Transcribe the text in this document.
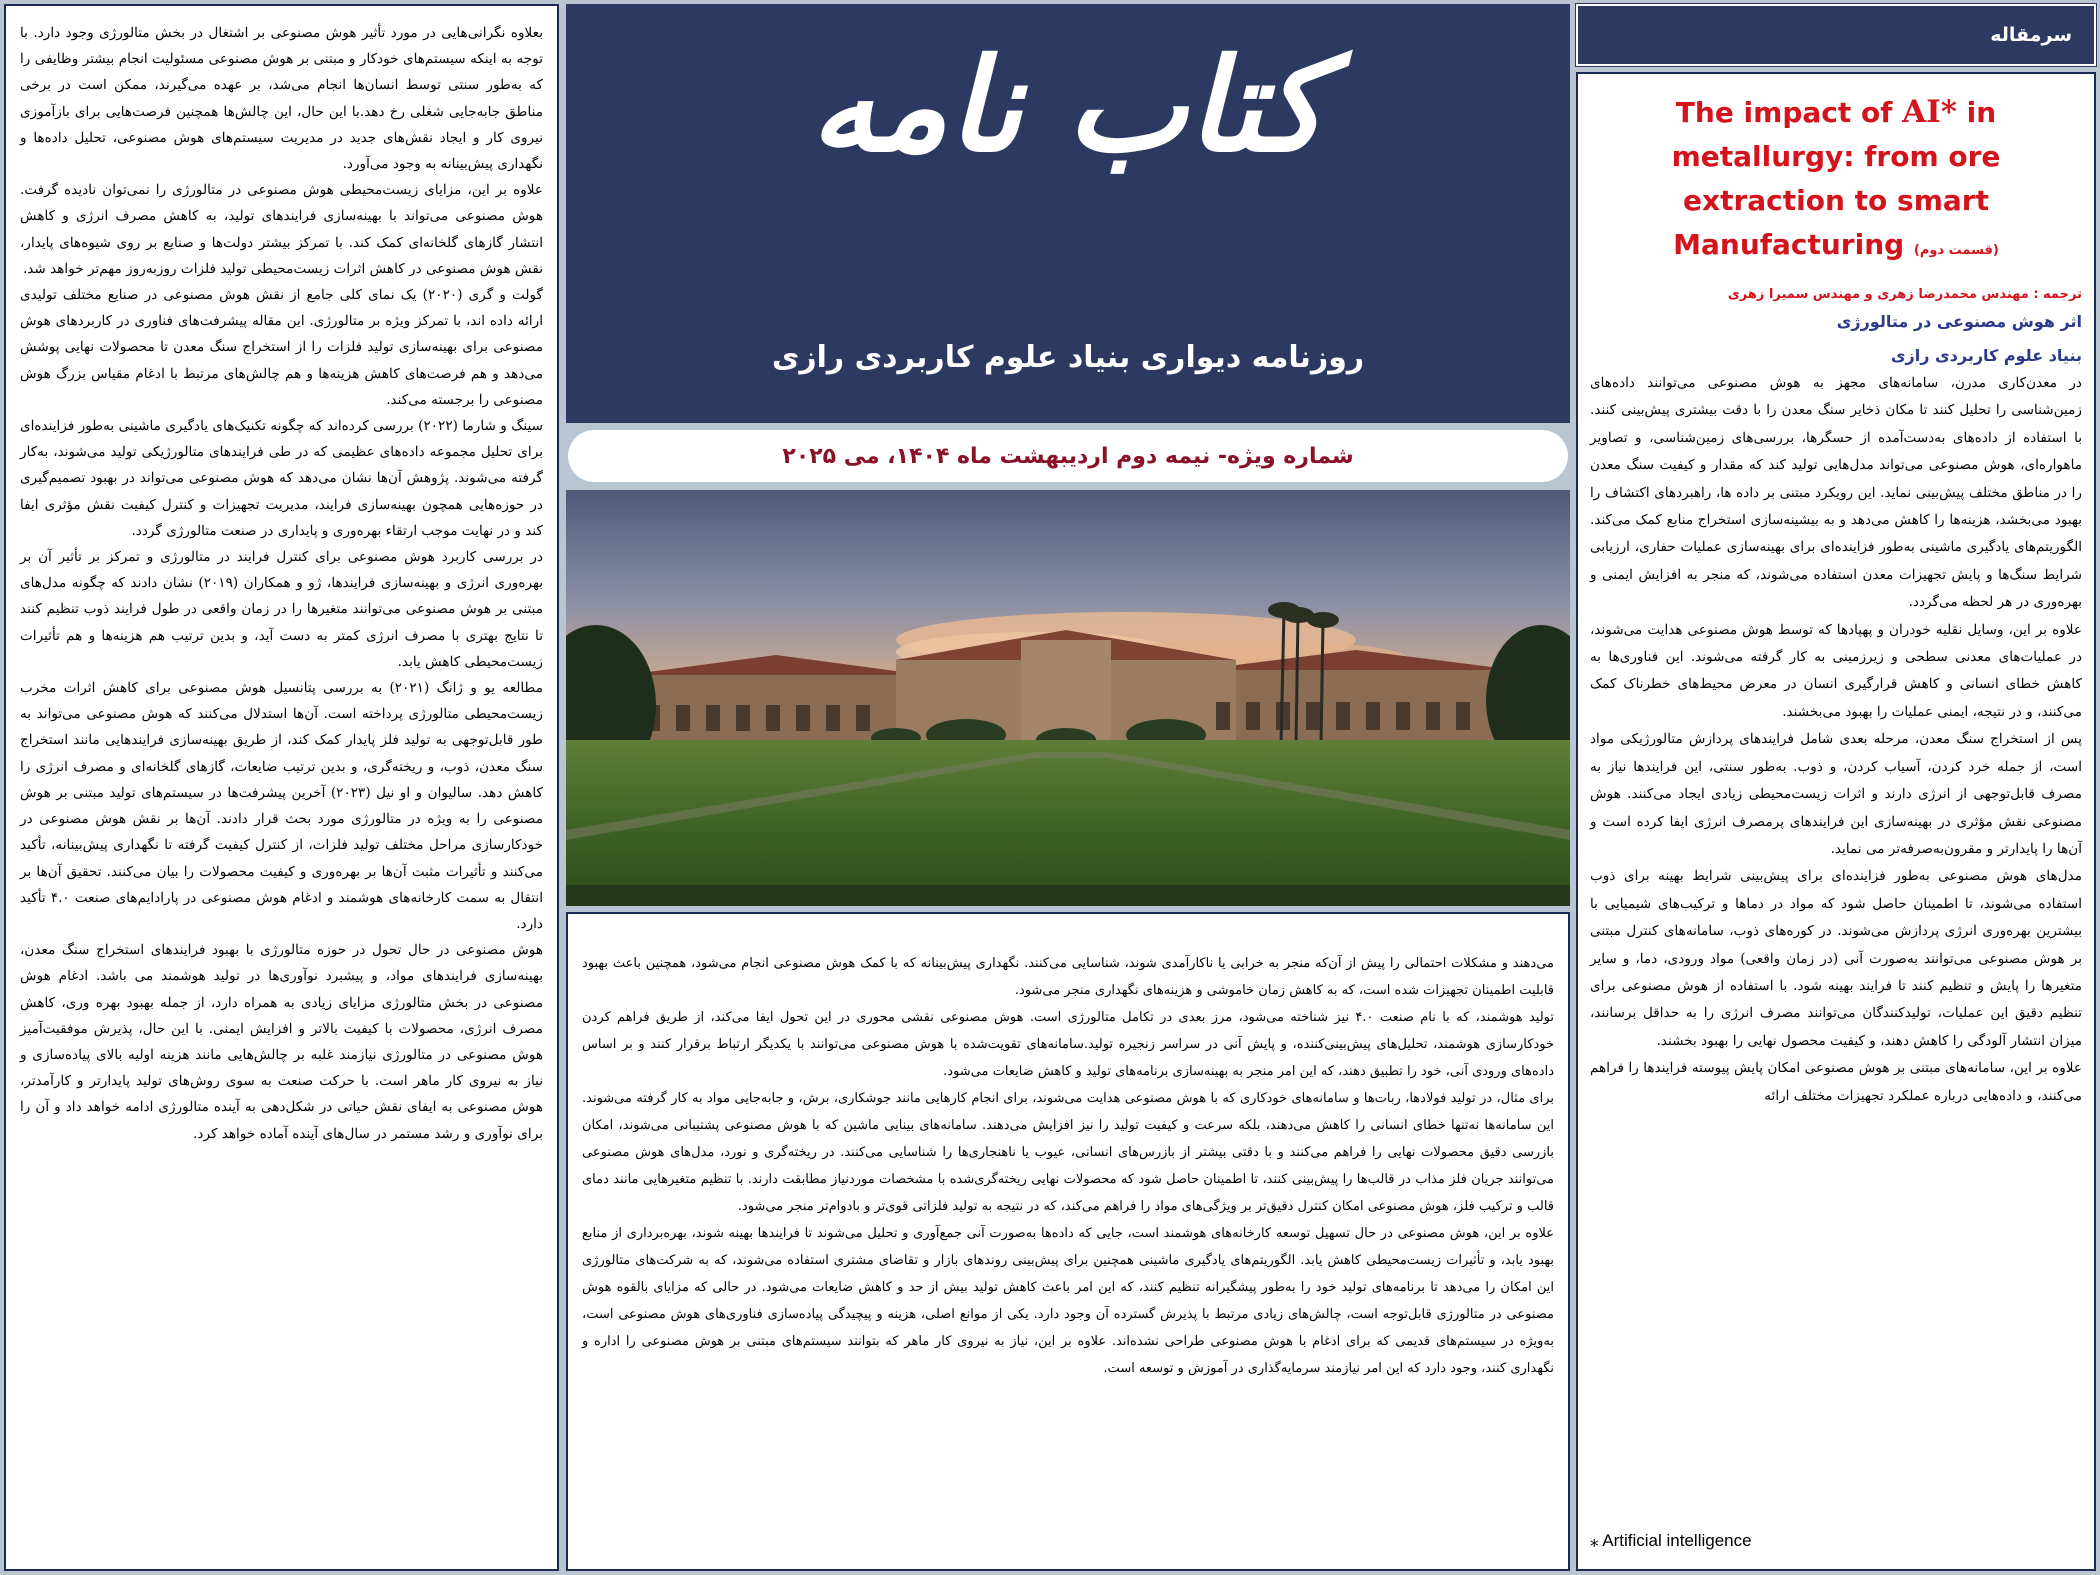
بعلاوه نگرانی‌هایی در مورد تأثیر هوش مصنوعی بر اشتغال در بخش متالورژی وجود دارد. با توجه به اینکه سیستم‌های خودکار و مبتنی بر هوش مصنوعی مسئولیت انجام بیشتر وظایفی را که به‌طور سنتی توسط انسان‌ها انجام می‌شد، بر عهده می‌گیرند، ممکن است در برخی مناطق جابه‌جایی شغلی رخ دهد.با این حال، این چالش‌ها همچنین فرصت‌هایی برای بازآموزی نیروی کار و ایجاد نقش‌های جدید در مدیریت سیستم‌های هوش مصنوعی، تحلیل داده‌ها و نگهداری پیش‌بینانه به وجود می‌آورد.

علاوه بر این، مزایای زیست‌محیطی هوش مصنوعی در متالورژی را نمی‌توان نادیده گرفت. هوش مصنوعی می‌تواند با بهینه‌سازی فرایندهای تولید، به کاهش مصرف انرژی و کاهش انتشار گازهای گلخانه‌ای کمک کند. با تمرکز بیشتر دولت‌ها و صنایع بر روی شیوه‌های پایدار، نقش هوش مصنوعی در کاهش اثرات زیست‌محیطی تولید فلزات روزبه‌روز مهم‌تر خواهد شد.

گولت و گری (۲۰۲۰) یک نمای کلی جامع از نقش هوش مصنوعی در صنایع مختلف تولیدی ارائه داده اند، با تمرکز ویژه بر متالورژی. این مقاله پیشرفت‌های فناوری در کاربردهای هوش مصنوعی برای بهینه‌سازی تولید فلزات را از استخراج سنگ معدن تا محصولات نهایی پوشش می‌دهد و هم فرصت‌های کاهش هزینه‌ها و هم چالش‌های مرتبط با ادغام مقیاس بزرگ هوش مصنوعی را برجسته می‌کند.

سینگ و شارما (۲۰۲۲) بررسی کرده‌اند که چگونه تکنیک‌های یادگیری ماشینی به‌طور فزاینده‌ای برای تحلیل مجموعه داده‌های عظیمی که در طی فرایندهای متالورژیکی تولید می‌شوند، به‌کار گرفته می‌شوند. پژوهش آن‌ها نشان می‌دهد که هوش مصنوعی می‌تواند در بهبود تصمیم‌گیری در حوزه‌هایی همچون بهینه‌سازی فرایند، مدیریت تجهیزات و کنترل کیفیت نقش مؤثری ایفا کند و در نهایت موجب ارتقاء بهره‌وری و پایداری در صنعت متالورژی گردد.

در بررسی کاربرد هوش مصنوعی برای کنترل فرایند در متالورژی و تمرکز بر تأثیر آن بر بهره‌وری انرژی و بهینه‌سازی فرایندها، ژو و همکاران (۲۰۱۹) نشان دادند که چگونه مدل‌های مبتنی بر هوش مصنوعی می‌توانند متغیرها را در زمان واقعی در طول فرایند ذوب تنظیم کنند تا نتایج بهتری با مصرف انرژی کمتر به دست آید، و بدین ترتیب هم هزینه‌ها و هم تأثیرات زیست‌محیطی کاهش یابد.

مطالعه یو و ژانگ (۲۰۲۱) به بررسی پتانسیل هوش مصنوعی برای کاهش اثرات مخرب زیست‌محیطی متالورژی پرداخته است. آن‌ها استدلال می‌کنند که هوش مصنوعی می‌تواند به طور قابل‌توجهی به تولید فلز پایدار کمک کند، از طریق بهینه‌سازی فرایندهایی مانند استخراج سنگ معدن، ذوب، و ریخته‌گری، و بدین ترتیب ضایعات، گازهای گلخانه‌ای و مصرف انرژی را کاهش دهد. سالیوان و او نیل (۲۰۲۳) آخرین پیشرفت‌ها در سیستم‌های تولید مبتنی بر هوش مصنوعی را به ویژه در متالورژی مورد بحث قرار دادند. آن‌ها بر نقش هوش مصنوعی در خودکارسازی مراحل مختلف تولید فلزات، از کنترل کیفیت گرفته تا نگهداری پیش‌بینانه، تأکید می‌کنند و تأثیرات مثبت آن‌ها بر بهره‌وری و کیفیت محصولات را بیان می‌کنند. تحقیق آن‌ها بر انتقال به سمت کارخانه‌های هوشمند و ادغام هوش مصنوعی در پارادایم‌های صنعت ۴.۰ تأکید دارد.

هوش مصنوعی در حال تحول در حوزه متالورژی با بهبود فرایندهای استخراج سنگ معدن، بهینه‌سازی فرایندهای مواد، و پیشبرد نوآوری‌ها در تولید هوشمند می باشد. ادغام هوش مصنوعی در بخش متالورژی مزایای زیادی به همراه دارد، از جمله بهبود بهره وری، کاهش مصرف انرژی، محصولات با کیفیت بالاتر و افزایش ایمنی. با این حال، پذیرش موفقیت‌آمیز هوش مصنوعی در متالورژی نیازمند غلبه بر چالش‌هایی مانند هزینه اولیه بالای پیاده‌سازی و نیاز به نیروی کار ماهر است. با حرکت صنعت به سوی روش‌های تولید پایدارتر و کارآمدتر، هوش مصنوعی به ایفای نقش حیاتی در شکل‌دهی به آینده متالورژی ادامه خواهد داد و آن را برای نوآوری و رشد مستمر در سال‌های آینده آماده خواهد کرد.

کتاب نامه
روزنامه دیواری بنیاد علوم کاربردی رازی
شماره ویژه- نیمه دوم اردیبهشت ماه ۱۴۰۴، می ۲۰۲۵

می‌دهند و مشکلات احتمالی را پیش از آن‌که منجر به خرابی یا ناکارآمدی شوند، شناسایی می‌کنند. نگهداری پیش‌بینانه که با کمک هوش مصنوعی انجام می‌شود، همچنین باعث بهبود قابلیت اطمینان تجهیزات شده است، که به کاهش زمان خاموشی و هزینه‌های نگهداری منجر می‌شود.

تولید هوشمند، که با نام صنعت ۴.۰ نیز شناخته می‌شود، مرز بعدی در تکامل متالورژی است. هوش مصنوعی نقشی محوری در این تحول ایفا می‌کند، از طریق فراهم کردن خودکارسازی هوشمند، تحلیل‌های پیش‌بینی‌کننده، و پایش آنی در سراسر زنجیره تولید.سامانه‌های تقویت‌شده با هوش مصنوعی می‌توانند با یکدیگر ارتباط برقرار کنند و بر اساس داده‌های ورودی آنی، خود را تطبیق دهند، که این امر منجر به بهینه‌سازی برنامه‌های تولید و کاهش ضایعات می‌شود.

برای مثال، در تولید فولادها، ربات‌ها و سامانه‌های خودکاری که با هوش مصنوعی هدایت می‌شوند، برای انجام کارهایی مانند جوشکاری، برش، و جابه‌جایی مواد به کار گرفته می‌شوند. این سامانه‌ها نه‌تنها خطای انسانی را کاهش می‌دهند، بلکه سرعت و کیفیت تولید را نیز افزایش می‌دهند. سامانه‌های بینایی ماشین که با هوش مصنوعی پشتیبانی می‌شوند، امکان بازرسی دقیق محصولات نهایی را فراهم می‌کنند و با دقتی بیشتر از بازرس‌های انسانی، عیوب یا ناهنجاری‌ها را شناسایی می‌کنند. در ریخته‌گری و نورد، مدل‌های هوش مصنوعی می‌توانند جریان فلز مذاب در قالب‌ها را پیش‌بینی کنند، تا اطمینان حاصل شود که محصولات نهایی ریخته‌گری‌شده با مشخصات موردنیاز مطابقت دارند. با تنظیم متغیرهایی مانند دمای قالب و ترکیب فلز، هوش مصنوعی امکان کنترل دقیق‌تر بر ویژگی‌های مواد را فراهم می‌کند، که در نتیجه به تولید فلزاتی قوی‌تر و بادوام‌تر منجر می‌شود.

علاوه بر این، هوش مصنوعی در حال تسهیل توسعه کارخانه‌های هوشمند است، جایی که داده‌ها به‌صورت آنی جمع‌آوری و تحلیل می‌شوند تا فرایندها بهینه شوند، بهره‌برداری از منابع بهبود یابد، و تأثیرات زیست‌محیطی کاهش یابد. الگوریتم‌های یادگیری ماشینی همچنین برای پیش‌بینی روندهای بازار و تقاضای مشتری استفاده می‌شوند، که به شرکت‌های متالورژی این امکان را می‌دهد تا برنامه‌های تولید خود را به‌طور پیشگیرانه تنظیم کنند، که این امر باعث کاهش تولید بیش از حد و کاهش ضایعات می‌شود. در حالی که مزایای بالقوه هوش مصنوعی در متالورژی قابل‌توجه است، چالش‌های زیادی مرتبط با پذیرش گسترده آن وجود دارد. یکی از موانع اصلی، هزینه و پیچیدگی پیاده‌سازی فناوری‌های هوش مصنوعی است، به‌ویژه در سیستم‌های قدیمی که برای ادغام با هوش مصنوعی طراحی نشده‌اند. علاوه بر این، نیاز به نیروی کار ماهر که بتوانند سیستم‌های مبتنی بر هوش مصنوعی را اداره و نگهداری کنند، وجود دارد که این امر نیازمند سرمایه‌گذاری در آموزش و توسعه است.

سرمقاله
The impact of AI* in metallurgy: from ore extraction to smart Manufacturing (قسمت دوم)

ترجمه : مهندس محمدرضا زهری و مهندس سمیرا زهری

اثر هوش مصنوعی در متالورژی

بنیاد علوم کاربردی رازی

در معدن‌کاری مدرن، سامانه‌های مجهز به هوش مصنوعی می‌توانند داده‌های زمین‌شناسی را تحلیل کنند تا مکان ذخایر سنگ معدن را با دقت بیشتری پیش‌بینی کنند. با استفاده از داده‌های به‌دست‌آمده از حسگرها، بررسی‌های زمین‌شناسی، و تصاویر ماهواره‌ای، هوش مصنوعی می‌تواند مدل‌هایی تولید کند که مقدار و کیفیت سنگ معدن را در مناطق مختلف پیش‌بینی نماید. این رویکرد مبتنی بر داده ها، راهبردهای اکتشاف را بهبود می‌بخشد، هزینه‌ها را کاهش می‌دهد و به بیشینه‌سازی استخراج منابع کمک می‌کند. الگوریتم‌های یادگیری ماشینی به‌طور فزاینده‌ای برای بهینه‌سازی عملیات حفاری، ارزیابی شرایط سنگ‌ها و پایش تجهیزات معدن استفاده می‌شوند، که منجر به افزایش ایمنی و بهره‌وری در هر لحظه می‌گردد.

علاوه بر این، وسایل نقلیه خودران و پهپادها که توسط هوش مصنوعی هدایت می‌شوند، در عملیات‌های معدنی سطحی و زیرزمینی به کار گرفته می‌شوند. این فناوری‌ها به کاهش خطای انسانی و کاهش قرارگیری انسان در معرض محیط‌های خطرناک کمک می‌کنند، و در نتیجه، ایمنی عملیات را بهبود می‌بخشند.

پس از استخراج سنگ معدن، مرحله بعدی شامل فرایندهای پردازش متالورژیکی مواد است، از جمله خرد کردن، آسیاب کردن، و ذوب. به‌طور سنتی، این فرایندها نیاز به مصرف قابل‌توجهی از انرژی دارند و اثرات زیست‌محیطی زیادی ایجاد می‌کنند. هوش مصنوعی نقش مؤثری در بهینه‌سازی این فرایندهای پرمصرف انرژی ایفا کرده است و آن‌ها را پایدارتر و مقرون‌به‌صرفه‌تر می نماید.

مدل‌های هوش مصنوعی به‌طور فزاینده‌ای برای پیش‌بینی شرایط بهینه برای ذوب استفاده می‌شوند، تا اطمینان حاصل شود که مواد در دماها و ترکیب‌های شیمیایی با بیشترین بهره‌وری انرژی پردازش می‌شوند. در کوره‌های ذوب، سامانه‌های کنترل مبتنی بر هوش مصنوعی می‌توانند به‌صورت آنی (در زمان واقعی) مواد ورودی، دما، و سایر متغیرها را پایش و تنظیم کنند تا فرایند بهینه شود. با استفاده از هوش مصنوعی برای تنظیم دقیق این عملیات، تولیدکنندگان می‌توانند مصرف انرژی را به حداقل برسانند، میزان انتشار آلودگی را کاهش دهند، و کیفیت محصول نهایی را بهبود بخشند.

علاوه بر این، سامانه‌های مبتنی بر هوش مصنوعی امکان پایش پیوسته فرایندها را فراهم می‌کنند، و داده‌هایی درباره عملکرد تجهیزات مختلف ارائه

⁎ Artificial intelligence
